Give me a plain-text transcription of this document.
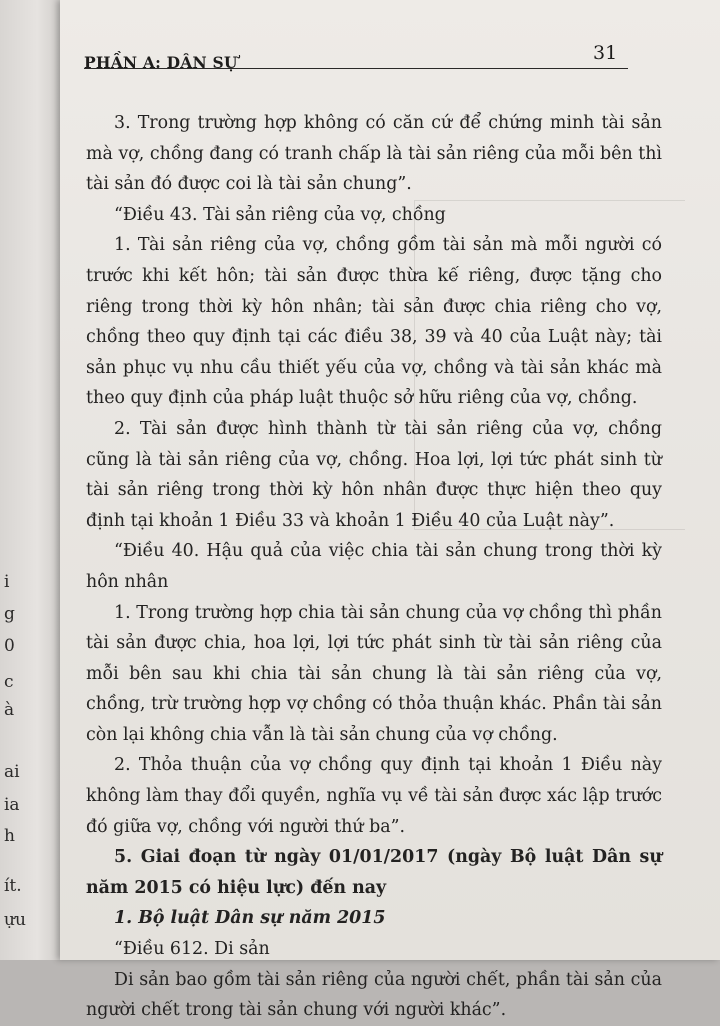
i
g
0
c
à
ai
ia
h
ít.
ựu
PHẦN A: DÂN SỰ	31

3. Trong trường hợp không có căn cứ để chứng minh tài sản mà vợ, chồng đang có tranh chấp là tài sản riêng của mỗi bên thì tài sản đó được coi là tài sản chung”.

“Điều 43. Tài sản riêng của vợ, chồng

1. Tài sản riêng của vợ, chồng gồm tài sản mà mỗi người có trước khi kết hôn; tài sản được thừa kế riêng, được tặng cho riêng trong thời kỳ hôn nhân; tài sản được chia riêng cho vợ, chồng theo quy định tại các điều 38, 39 và 40 của Luật này; tài sản phục vụ nhu cầu thiết yếu của vợ, chồng và tài sản khác mà theo quy định của pháp luật thuộc sở hữu riêng của vợ, chồng.

2. Tài sản được hình thành từ tài sản riêng của vợ, chồng cũng là tài sản riêng của vợ, chồng. Hoa lợi, lợi tức phát sinh từ tài sản riêng trong thời kỳ hôn nhân được thực hiện theo quy định tại khoản 1 Điều 33 và khoản 1 Điều 40 của Luật này”.

“Điều 40. Hậu quả của việc chia tài sản chung trong thời kỳ hôn nhân

1. Trong trường hợp chia tài sản chung của vợ chồng thì phần tài sản được chia, hoa lợi, lợi tức phát sinh từ tài sản riêng của mỗi bên sau khi chia tài sản chung là tài sản riêng của vợ, chồng, trừ trường hợp vợ chồng có thỏa thuận khác. Phần tài sản còn lại không chia vẫn là tài sản chung của vợ chồng.

2. Thỏa thuận của vợ chồng quy định tại khoản 1 Điều này không làm thay đổi quyền, nghĩa vụ về tài sản được xác lập trước đó giữa vợ, chồng với người thứ ba”.

5. Giai đoạn từ ngày 01/01/2017 (ngày Bộ luật Dân sự năm 2015 có hiệu lực) đến nay

1. Bộ luật Dân sự năm 2015

“Điều 612. Di sản

Di sản bao gồm tài sản riêng của người chết, phần tài sản của người chết trong tài sản chung với người khác”.
